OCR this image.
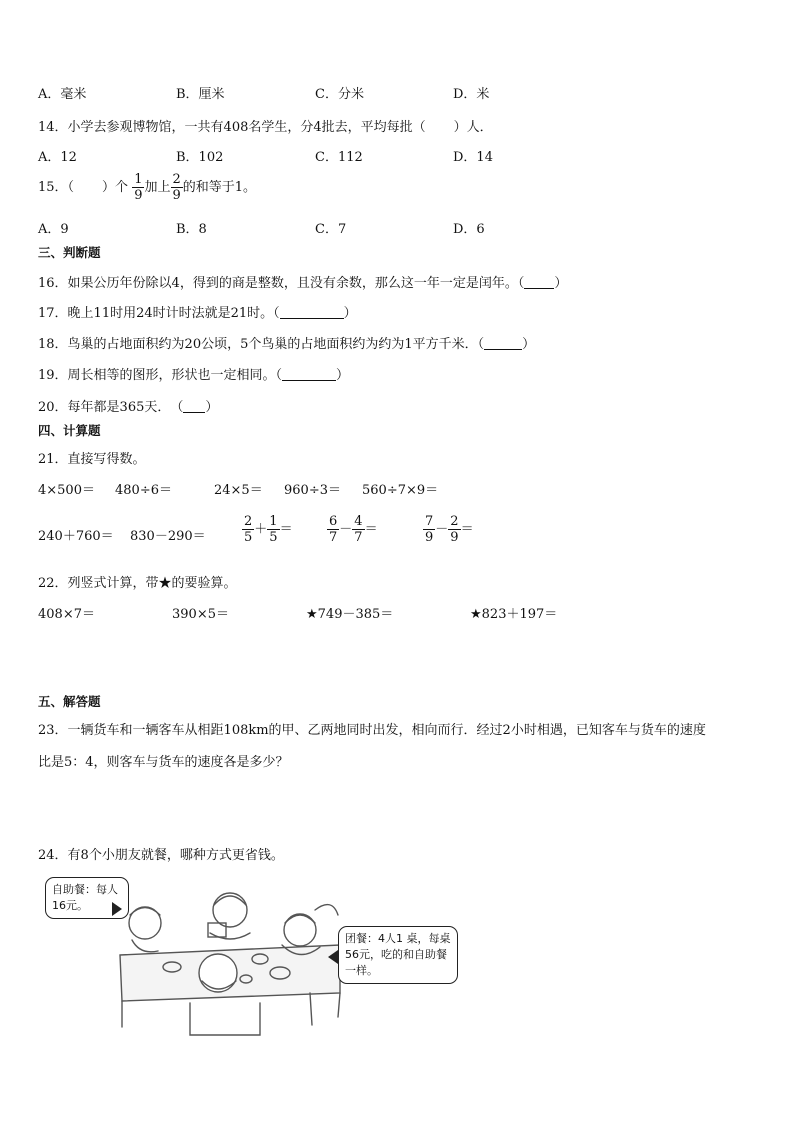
A．毫米	B．厘米	C．分米	D．米
14．小学去参观博物馆，一共有408名学生，分4批去，平均每批（ ）人．
A．12	B．102	C．112	D．14
15．（ ）个 $\frac{1}{9}$ 加上 $\frac{2}{9}$ 的和等于1。
A．9	B．8	C．7	D．6
三、判断题
16．如果公历年份除以4，得到的商是整数，且没有余数，那么这一年一定是闰年。（ ）
17．晚上11时用24时计时法就是21时。（	）
18．鸟巢的占地面积约为20公顷，5个鸟巢的占地面积约为约为1平方千米．（	）
19．周长相等的图形，形状也一定相同。（	）
20．每年都是365天．　（ ）
四、计算题
21．直接写得数。
4×500＝ 480÷6＝	24×5＝ 960÷3＝ 560÷7×9＝
240＋760＝ 830－290＝	$\frac{2}{5} + \frac{1}{5}$ ＝	$\frac{6}{7} - \frac{4}{7}$ ＝	$\frac{7}{9} - \frac{2}{9}$ ＝
22．列竖式计算，带★的要验算。
408×7＝	390×5＝	★749－385＝	★823＋197＝
五、解答题
23．一辆货车和一辆客车从相距108km的甲、乙两地同时出发，相向而行．经过2小时相遇，已知客车与货车的速度
比是5：4，则客车与货车的速度各是多少？
24．有8个小朋友就餐，哪种方式更省钱。
自助餐：每人16元。
团餐：4人1 桌，每桌56元，吃的和自助餐一样。
